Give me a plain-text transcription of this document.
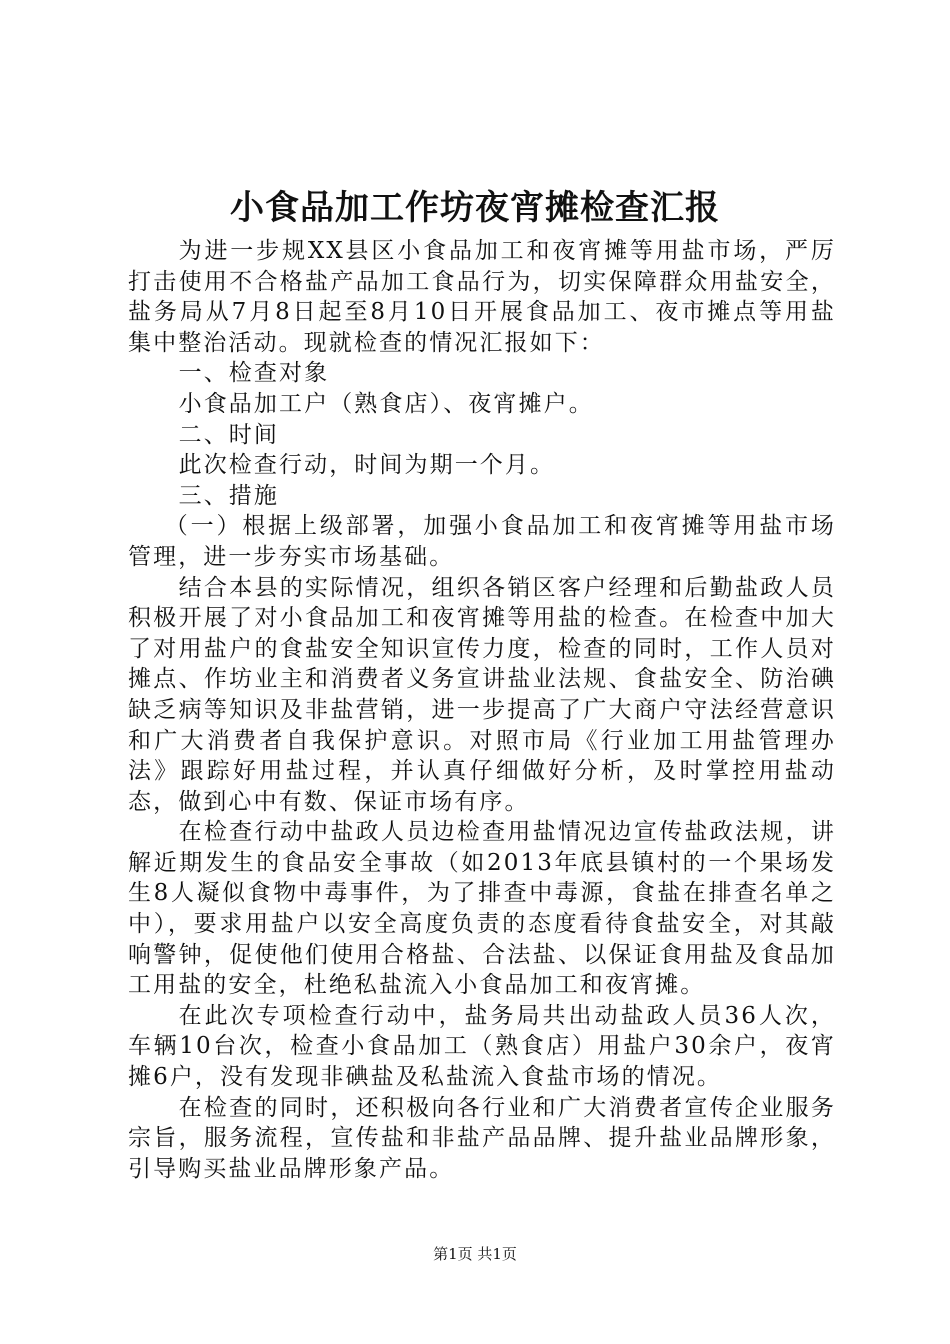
小食品加工作坊夜宵摊检查汇报

为进一步规XX县区小食品加工和夜宵摊等用盐市场，严厉打击使用不合格盐产品加工食品行为，切实保障群众用盐安全，盐务局从7月8日起至8月10日开展食品加工、夜市摊点等用盐集中整治活动。现就检查的情况汇报如下：

一、检查对象

小食品加工户（熟食店）、夜宵摊户。

二、时间

此次检查行动，时间为期一个月。

三、措施

（一）根据上级部署，加强小食品加工和夜宵摊等用盐市场管理，进一步夯实市场基础。

结合本县的实际情况，组织各销区客户经理和后勤盐政人员积极开展了对小食品加工和夜宵摊等用盐的检查。在检查中加大了对用盐户的食盐安全知识宣传力度，检查的同时，工作人员对摊点、作坊业主和消费者义务宣讲盐业法规、食盐安全、防治碘缺乏病等知识及非盐营销，进一步提高了广大商户守法经营意识和广大消费者自我保护意识。对照市局《行业加工用盐管理办法》跟踪好用盐过程，并认真仔细做好分析，及时掌控用盐动态，做到心中有数、保证市场有序。

在检查行动中盐政人员边检查用盐情况边宣传盐政法规，讲解近期发生的食品安全事故（如2013年底县镇村的一个果场发生8人凝似食物中毒事件，为了排查中毒源，食盐在排查名单之中），要求用盐户以安全高度负责的态度看待食盐安全，对其敲响警钟，促使他们使用合格盐、合法盐、以保证食用盐及食品加工用盐的安全，杜绝私盐流入小食品加工和夜宵摊。

在此次专项检查行动中，盐务局共出动盐政人员36人次，车辆10台次，检查小食品加工（熟食店）用盐户30余户，夜宵摊6户，没有发现非碘盐及私盐流入食盐市场的情况。

在检查的同时，还积极向各行业和广大消费者宣传企业服务宗旨，服务流程，宣传盐和非盐产品品牌、提升盐业品牌形象，引导购买盐业品牌形象产品。

第1页 共1页
